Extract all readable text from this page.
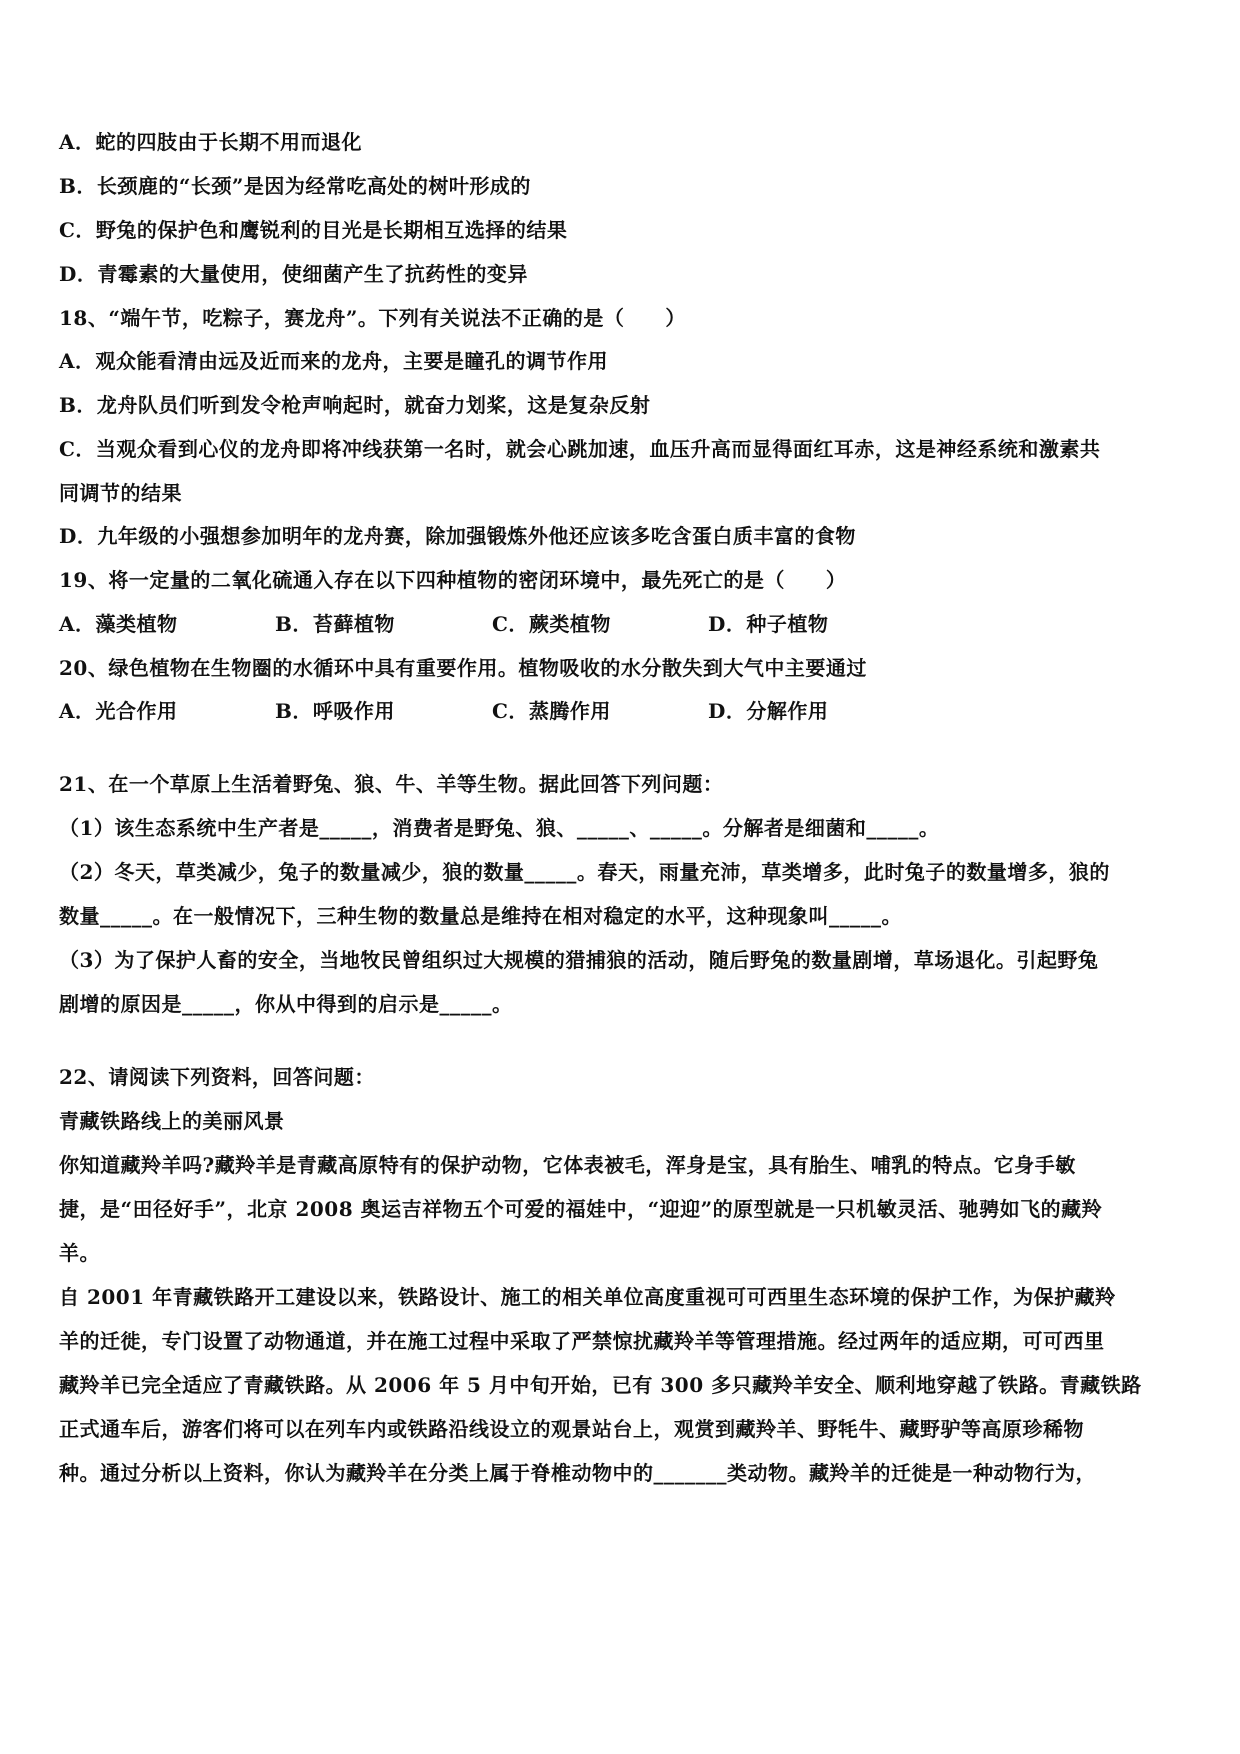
A．蛇的四肢由于长期不用而退化
B．长颈鹿的“长颈”是因为经常吃高处的树叶形成的
C．野兔的保护色和鹰锐利的目光是长期相互选择的结果
D．青霉素的大量使用，使细菌产生了抗药性的变异
18、“端午节，吃粽子，赛龙舟”。下列有关说法不正确的是（　　）
A．观众能看清由远及近而来的龙舟，主要是瞳孔的调节作用
B．龙舟队员们听到发令枪声响起时，就奋力划桨，这是复杂反射
C．当观众看到心仪的龙舟即将冲线获第一名时，就会心跳加速，血压升高而显得面红耳赤，这是神经系统和激素共
同调节的结果
D．九年级的小强想参加明年的龙舟赛，除加强锻炼外他还应该多吃含蛋白质丰富的食物
19、将一定量的二氧化硫通入存在以下四种植物的密闭环境中，最先死亡的是（　　）
A．藻类植物	B．苔藓植物	C．蕨类植物	D．种子植物
20、绿色植物在生物圈的水循环中具有重要作用。植物吸收的水分散失到大气中主要通过
A．光合作用	B．呼吸作用	C．蒸腾作用	D．分解作用
21、在一个草原上生活着野兔、狼、牛、羊等生物。据此回答下列问题：
（1）该生态系统中生产者是_____，消费者是野兔、狼、_____、_____。分解者是细菌和_____。
（2）冬天，草类减少，兔子的数量减少，狼的数量_____。春天，雨量充沛，草类增多，此时兔子的数量增多，狼的
数量_____。在一般情况下，三种生物的数量总是维持在相对稳定的水平，这种现象叫_____。
（3）为了保护人畜的安全，当地牧民曾组织过大规模的猎捕狼的活动，随后野兔的数量剧增，草场退化。引起野兔
剧增的原因是_____，你从中得到的启示是_____。
22、请阅读下列资料，回答问题：
青藏铁路线上的美丽风景
你知道藏羚羊吗?藏羚羊是青藏高原特有的保护动物，它体表被毛，浑身是宝，具有胎生、哺乳的特点。它身手敏
捷，是“田径好手”，北京 2008 奥运吉祥物五个可爱的福娃中，“迎迎”的原型就是一只机敏灵活、驰骋如飞的藏羚
羊。
自 2001 年青藏铁路开工建设以来，铁路设计、施工的相关单位高度重视可可西里生态环境的保护工作，为保护藏羚
羊的迁徙，专门设置了动物通道，并在施工过程中采取了严禁惊扰藏羚羊等管理措施。经过两年的适应期，可可西里
藏羚羊已完全适应了青藏铁路。从 2006 年 5 月中旬开始，已有 300 多只藏羚羊安全、顺利地穿越了铁路。青藏铁路
正式通车后，游客们将可以在列车内或铁路沿线设立的观景站台上，观赏到藏羚羊、野牦牛、藏野驴等高原珍稀物
种。通过分析以上资料，你认为藏羚羊在分类上属于脊椎动物中的_______类动物。藏羚羊的迁徙是一种动物行为，
